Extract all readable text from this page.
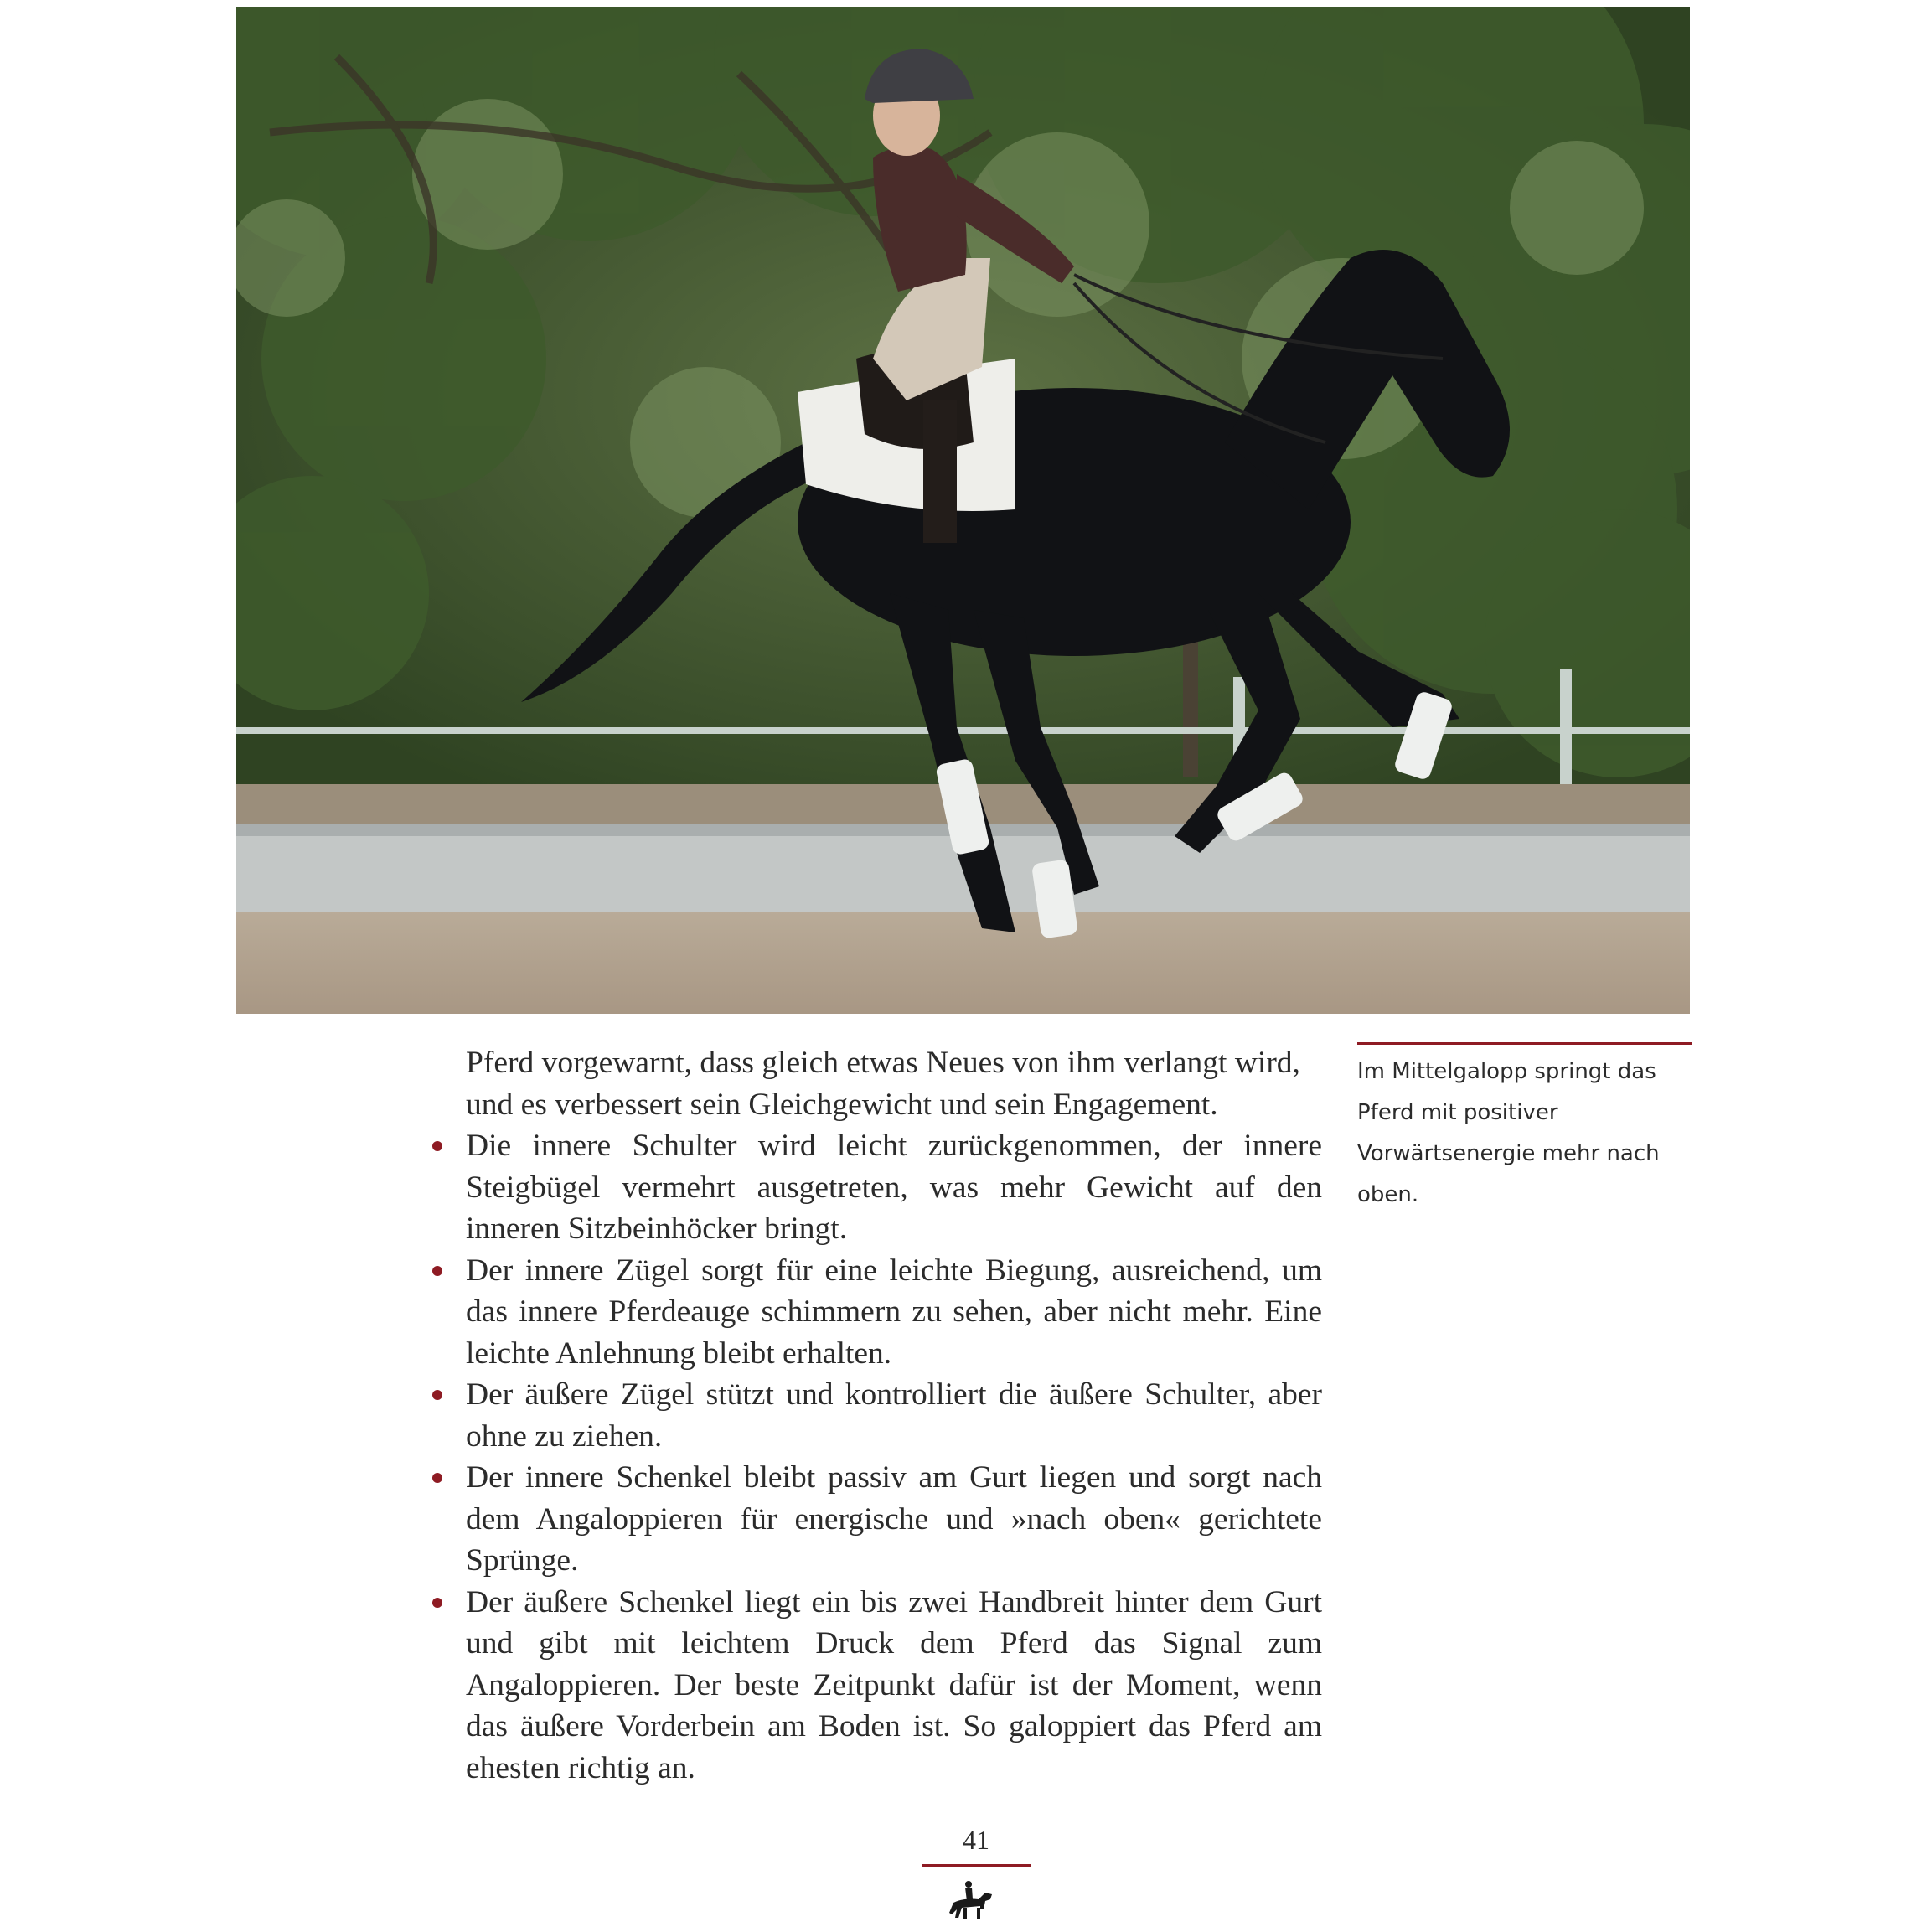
Pferd vorgewarnt, dass gleich etwas Neues von ihm verlangt wird, und es verbessert sein Gleichgewicht und sein Engagement.

Die innere Schulter wird leicht zurückgenommen, der innere Steigbügel vermehrt ausgetreten, was mehr Gewicht auf den inneren Sitzbeinhöcker bringt.
Der innere Zügel sorgt für eine leichte Biegung, ausreichend, um das innere Pferdeauge schimmern zu sehen, aber nicht mehr. Eine leichte Anlehnung bleibt erhalten.
Der äußere Zügel stützt und kontrolliert die äußere Schulter, aber ohne zu ziehen.
Der innere Schenkel bleibt passiv am Gurt liegen und sorgt nach dem Angaloppieren für energische und »nach oben« gerichtete Sprünge.
Der äußere Schenkel liegt ein bis zwei Handbreit hinter dem Gurt und gibt mit leichtem Druck dem Pferd das Signal zum Angaloppieren. Der beste Zeitpunkt dafür ist der Moment, wenn das äußere Vorderbein am Boden ist. So galoppiert das Pferd am ehesten richtig an.
Im Mittelgalopp springt das Pferd mit positiver Vorwärtsenergie mehr nach oben.
41
